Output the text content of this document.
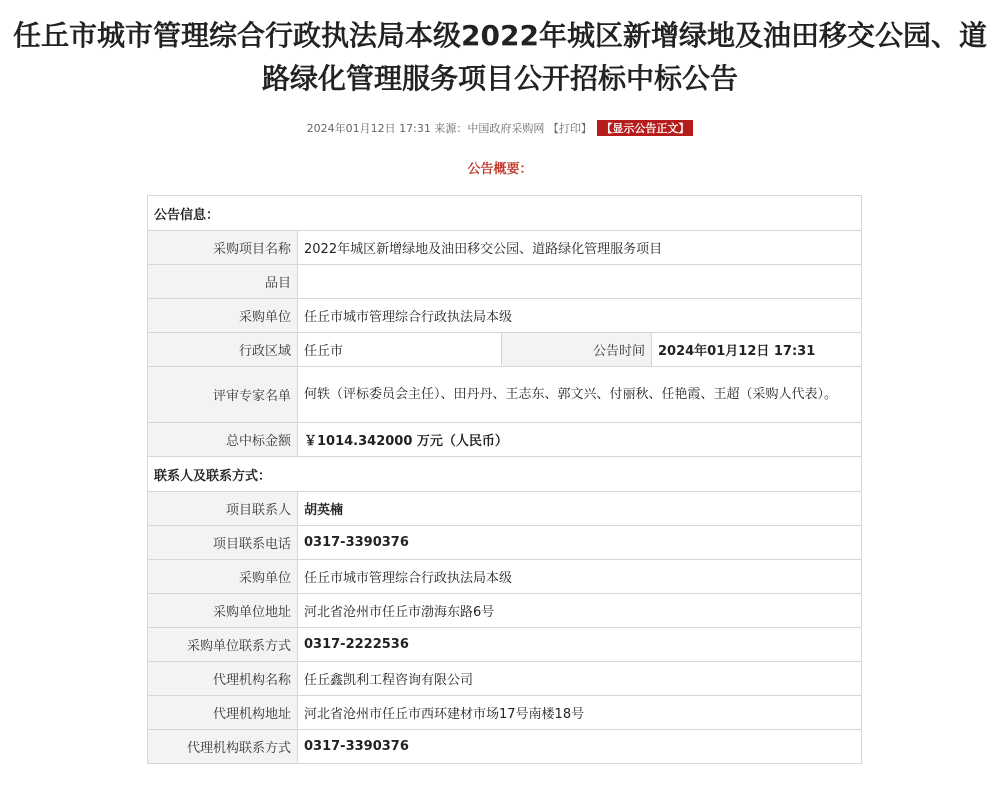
任丘市城市管理综合行政执法局本级2022年城区新增绿地及油田移交公园、道路绿化管理服务项目公开招标中标公告
2024年01月12日 17:31 来源：中国政府采购网 【打印】 【显示公告正文】
公告概要：
公告信息：			
采购项目名称	2022年城区新增绿地及油田移交公园、道路绿化管理服务项目		
品目			
采购单位	任丘市城市管理综合行政执法局本级		
行政区域	任丘市	公告时间	2024年01月12日 17:31
评审专家名单	何轶（评标委员会主任）、田丹丹、王志东、郭文兴、付丽秋、任艳霞、王超（采购人代表）。		
总中标金额	￥1014.342000 万元（人民币）		
联系人及联系方式：			
项目联系人	胡英楠		
项目联系电话	0317-3390376		
采购单位	任丘市城市管理综合行政执法局本级		
采购单位地址	河北省沧州市任丘市渤海东路6号		
采购单位联系方式	0317-2222536		
代理机构名称	任丘鑫凯利工程咨询有限公司		
代理机构地址	河北省沧州市任丘市西环建材市场17号南楼18号		
代理机构联系方式	0317-3390376		
